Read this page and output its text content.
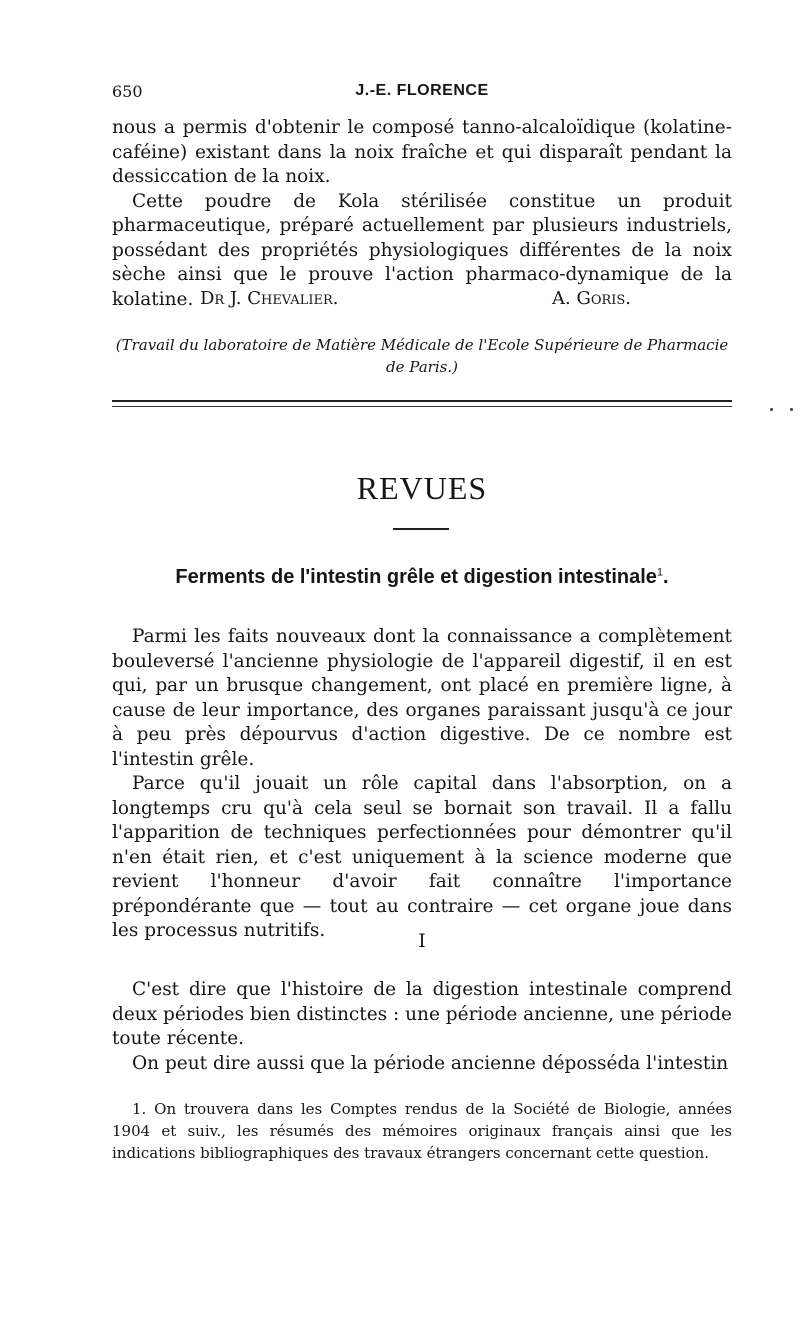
650	J.-E. FLORENCE

nous a permis d'obtenir le composé tanno-alcaloïdique (kolatine-caféine) existant dans la noix fraîche et qui disparaît pendant la dessiccation de la noix.

Cette poudre de Kola stérilisée constitue un produit pharmaceutique, préparé actuellement par plusieurs industriels, possédant des propriétés physiologiques différentes de la noix sèche ainsi que le prouve l'action pharmaco-dynamique de la kolatine. Dr J. Chevalier.	A. Goris.
(Travail du laboratoire de Matière Médicale de l'Ecole Supérieure de Pharmacie de Paris.)
REVUES
Ferments de l'intestin grêle et digestion intestinale$^1$.

Parmi les faits nouveaux dont la connaissance a complètement bouleversé l'ancienne physiologie de l'appareil digestif, il en est qui, par un brusque changement, ont placé en première ligne, à cause de leur importance, des organes paraissant jusqu'à ce jour à peu près dépourvus d'action digestive. De ce nombre est l'intestin grêle.

Parce qu'il jouait un rôle capital dans l'absorption, on a longtemps cru qu'à cela seul se bornait son travail. Il a fallu l'apparition de techniques perfectionnées pour démontrer qu'il n'en était rien, et c'est uniquement à la science moderne que revient l'honneur d'avoir fait connaître l'importance prépondérante que — tout au contraire — cet organe joue dans les processus nutritifs.	I

C'est dire que l'histoire de la digestion intestinale comprend deux périodes bien distinctes : une période ancienne, une période toute récente.

On peut dire aussi que la période ancienne déposséda l'intestin

1. On trouvera dans les Comptes rendus de la Société de Biologie, années 1904 et suiv., les résumés des mémoires originaux français ainsi que les indications bibliographiques des travaux étrangers concernant cette question.
